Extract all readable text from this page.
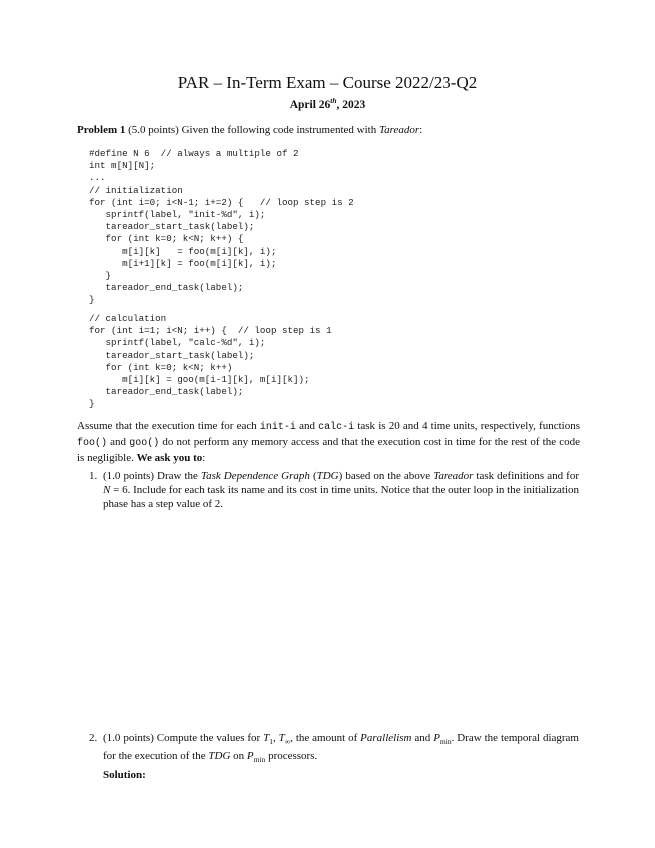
PAR – In-Term Exam – Course 2022/23-Q2
April 26th, 2023
Problem 1 (5.0 points) Given the following code instrumented with Tareador:
#define N 6  // always a multiple of 2
int m[N][N];
...
// initialization
for (int i=0; i<N-1; i+=2) {   // loop step is 2
sprintf(label, "init-%d", i);
tareador_start_task(label);
for (int k=0; k<N; k++) {
m[i][k]   = foo(m[i][k], i);
m[i+1][k] = foo(m[i][k], i);
}
tareador_end_task(label);
}
// calculation
for (int i=1; i<N; i++) {  // loop step is 1
sprintf(label, "calc-%d", i);
tareador_start_task(label);
for (int k=0; k<N; k++)
m[i][k] = goo(m[i-1][k], m[i][k]);
tareador_end_task(label);
}
Assume that the execution time for each init-i and calc-i task is 20 and 4 time units, respectively, functions foo() and goo() do not perform any memory access and that the execution cost in time for the rest of the code is negligible. We ask you to:
1. (1.0 points) Draw the Task Dependence Graph (TDG) based on the above Tareador task definitions and for N = 6. Include for each task its name and its cost in time units. Notice that the outer loop in the initialization phase has a step value of 2.
2. (1.0 points) Compute the values for $T_1$, $T_\infty$, the amount of Parallelism and $P_{min}$. Draw the temporal diagram for the execution of the TDG on $P_{min}$ processors.
Solution:
